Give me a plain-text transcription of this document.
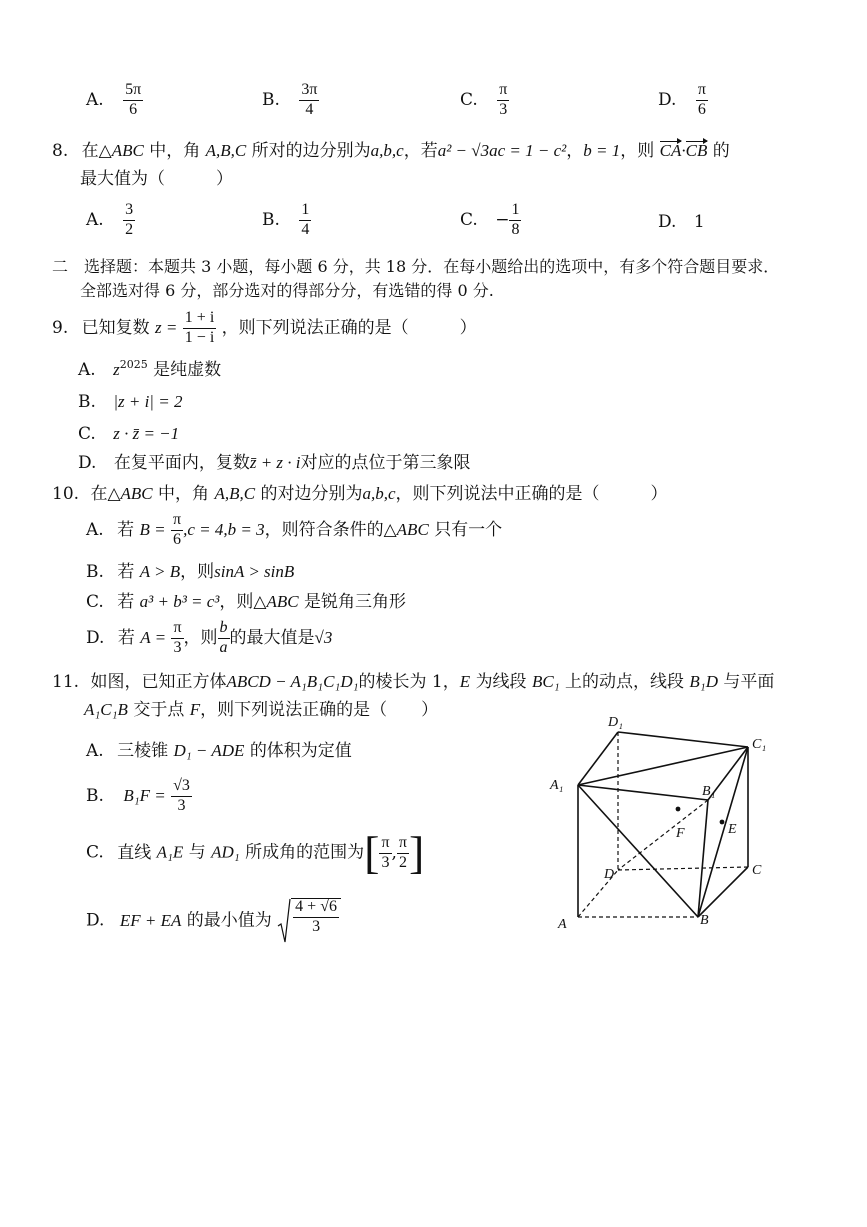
A. $\frac{5\pi}{6}$	B. $\frac{3\pi}{4}$	C. $\frac{\pi}{3}$	D. $\frac{\pi}{6}$
8. 在△ABC 中，角 A,B,C 所对的边分别为a,b,c，若a² − √3ac = 1 − c²，b = 1，则 CA·CB 的
最大值为（　　　）
A. $\frac{3}{2}$	B. $\frac{1}{4}$	C. − $\frac{1}{8}$	D. 1
二　选择题：本题共 3 小题，每小题 6 分，共 18 分．在每小题给出的选项中，有多个符合题目要求．
全部选对得 6 分，部分选对的得部分分，有选错的得 0 分.
9. 已知复数 $z = \frac{1 + i}{1 - i}$ ，则下列说法正确的是（　　　）
A. $z^{2025}$ 是纯虚数
B. |z + i| = 2
C. z · z̄ = −1
D. 在复平面内，复数z̄ + z · i对应的点位于第三象限
10. 在△ABC 中，角 A,B,C 的对边分别为a,b,c，则下列说法中正确的是（　　　）
A. 若 $B = \frac{\pi}{6} ,c = 4,b = 3$，则符合条件的△ABC 只有一个
B. 若 A > B，则sinA > sinB
C. 若 a³ + b³ = c³，则△ABC 是锐角三角形
D. 若 $A = \frac{\pi}{3}$ ，则 $\frac{b}{a}$ 的最大值是√3
11. 如图，已知正方体ABCD − A₁B₁C₁D₁的棱长为 1，E 为线段 BC₁ 上的动点，线段 B₁D 与平面
A₁C₁B 交于点 F，则下列说法正确的是（　　）
A. 三棱锥 D₁ − ADE 的体积为定值
B. $B_1F = \frac{√3}{3}$
C. 直线 A₁E 与 AD₁ 所成角的范围为 [ π
3 ,
π
2 ]
D. EF + EA 的最小值为 $\frac{4 + √6}{3}$
D₁
C₁
A₁	B₁
F	E
D	C
A	B
